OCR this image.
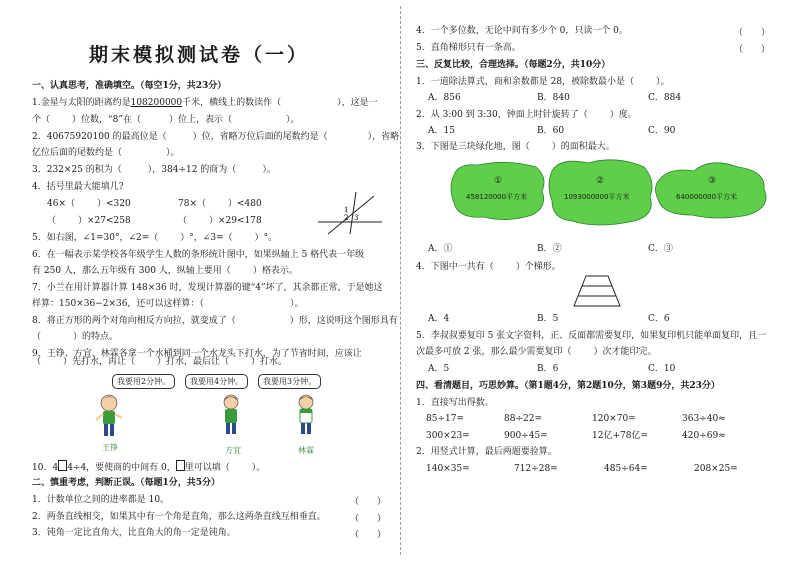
期末模拟测试卷（一）
一、认真思考，准确填空。（每空1分，共23分）
1.金星与太阳的距离约是108200000千米，横线上的数读作（	），这是一
个（ ）位数，“8”在（	）位上，表示（	）。
2．40675920100 的最高位是（	）位，省略万位后面的尾数约是（	），省略
亿位后面的尾数约是（	）。
3．232×25 的积为（	），384÷12 的商为（	）。
4．括号里最大能填几?
46×（ ）<320	78×（ ）<480
（ ）×27<258	（ ）×29<178
1
2 3
5．如右图，∠1=30°，∠2=（ ）°，∠3=（ ）°。
6．在一幅表示某学校各年级学生人数的条形统计图中，如果纵轴上 5 格代表一年级
有 250 人，那么五年级有 300 人，纵轴上要用（ ）格表示。
7．小兰在用计算器计算 148×36 时，发现计算器的键“4”坏了，其余都正常，于是她这
样算：150×36−2×36，还可以这样算：（	）。
8．将正方形的两个对角向相反方向拉，就变成了（	）形，这说明这个图形具有
（	）的特点。
9．王铮、方宜、林霖各拿一个水桶到同一个水龙头下打水，为了节省时间，应该让
（ ）先打水，再让（ ）打水，最后让（ ）打水。
我要用2分钟。	我要用4分钟。	我要用3分钟。
王铮	方宜	林霖
10．4 4÷4，要使商的中间有 0， 里可以填（ ）。
二、慎重考虑，判断正误。（每题1分，共5分）
1．计数单位之间的进率都是 10。	（　　）
2．两条直线相交，如果其中有一个角是直角，那么这两条直线互相垂直。	（　　）
3．钝角一定比直角大，比直角大的角一定是钝角。	（　　）
4．一个多位数，无论中间有多少个 0，只读一个 0。	（　　）
5．直角梯形只有一条高。	（　　）
三、反复比较，合理选择。（每题2分，共10分）
1．一道除法算式，商和余数都是 28，被除数最小是（ ）。
A．856	B．840	C．884
2．从 3:00 到 3:30，钟面上时针旋转了（ ）度。
A．15	B．60	C．90
3．下图是三块绿化地，图（ ）的面积最大。
①	②	③
458120000平方米	1093000000平方米	640000000平方米
A．①	B．②	C．③
4．下图中一共有（ ）个梯形。
A．4	B．5	C．6
5．李叔叔要复印 5 张文字资料，正、反面都需要复印，如果复印机只能单面复印，且一
次最多可放 2 张，那么最少需要复印（ ）次才能印完。
A．5	B．6	C．10
四、看清题目，巧思妙算。（第1题4分，第2题10分，第3题9分，共23分）
1．直接写出得数。
85÷17=	88÷22=	120×70=	363÷40≈
300×23=	900÷45=	12亿+78亿=	420÷69≈
2．用竖式计算，最后两题要验算。
140×35=	712÷28=	485÷64=	208×25=
